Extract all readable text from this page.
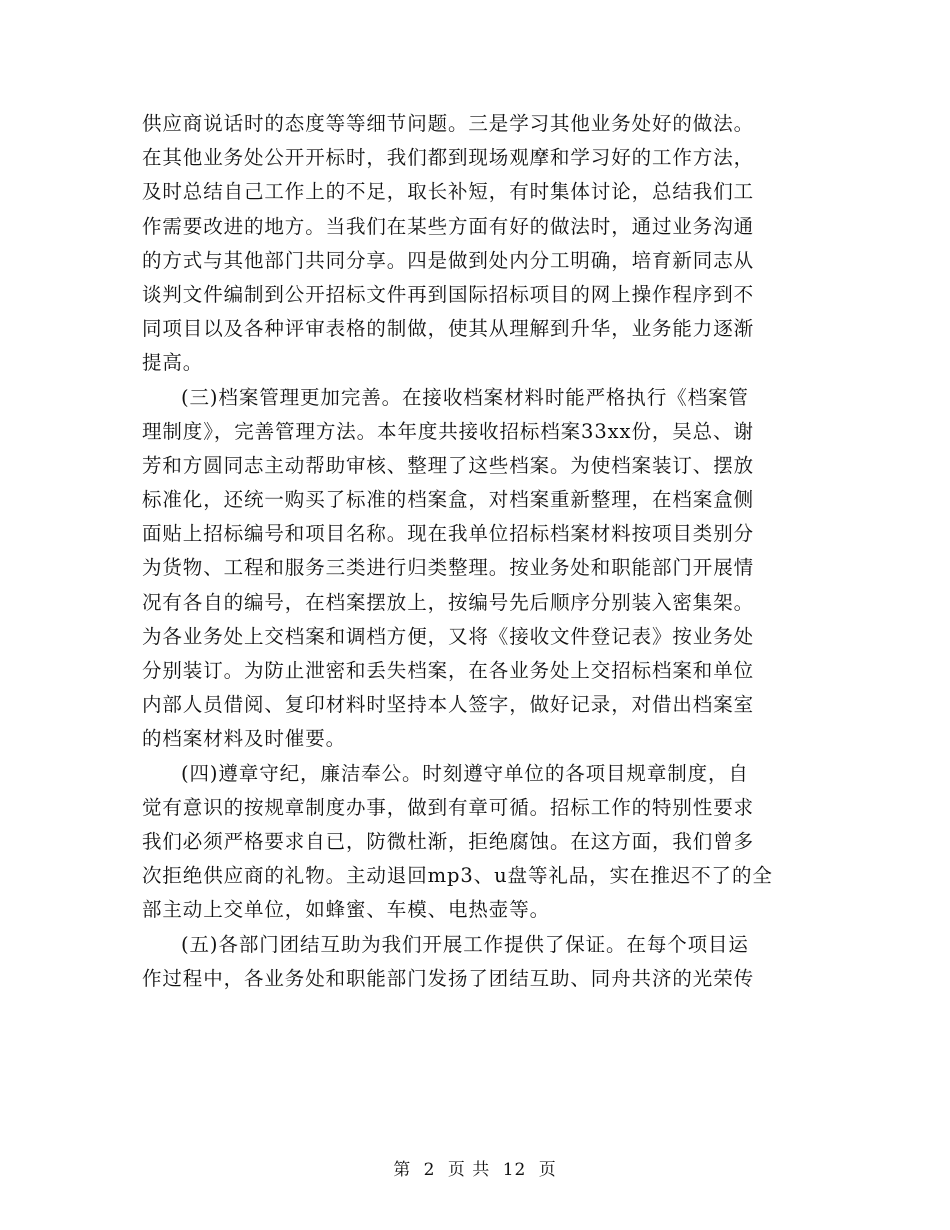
供应商说话时的态度等等细节问题。三是学习其他业务处好的做法。
在其他业务处公开开标时，我们都到现场观摩和学习好的工作方法，
及时总结自己工作上的不足，取长补短，有时集体讨论，总结我们工
作需要改进的地方。当我们在某些方面有好的做法时，通过业务沟通
的方式与其他部门共同分享。四是做到处内分工明确，培育新同志从
谈判文件编制到公开招标文件再到国际招标项目的网上操作程序到不
同项目以及各种评审表格的制做，使其从理解到升华，业务能力逐渐
提高。
(三)档案管理更加完善。在接收档案材料时能严格执行《档案管
理制度》，完善管理方法。本年度共接收招标档案33xx份，吴总、谢
芳和方圆同志主动帮助审核、整理了这些档案。为使档案装订、摆放
标准化，还统一购买了标准的档案盒，对档案重新整理，在档案盒侧
面贴上招标编号和项目名称。现在我单位招标档案材料按项目类别分
为货物、工程和服务三类进行归类整理。按业务处和职能部门开展情
况有各自的编号，在档案摆放上，按编号先后顺序分别装入密集架。
为各业务处上交档案和调档方便，又将《接收文件登记表》按业务处
分别装订。为防止泄密和丢失档案，在各业务处上交招标档案和单位
内部人员借阅、复印材料时坚持本人签字，做好记录，对借出档案室
的档案材料及时催要。
(四)遵章守纪，廉洁奉公。时刻遵守单位的各项目规章制度，自
觉有意识的按规章制度办事，做到有章可循。招标工作的特别性要求
我们必须严格要求自已，防微杜渐，拒绝腐蚀。在这方面，我们曾多
次拒绝供应商的礼物。主动退回mp3、u盘等礼品，实在推迟不了的全
部主动上交单位，如蜂蜜、车模、电热壶等。
(五)各部门团结互助为我们开展工作提供了保证。在每个项目运
作过程中，各业务处和职能部门发扬了团结互助、同舟共济的光荣传
第 2 页 共 12 页
